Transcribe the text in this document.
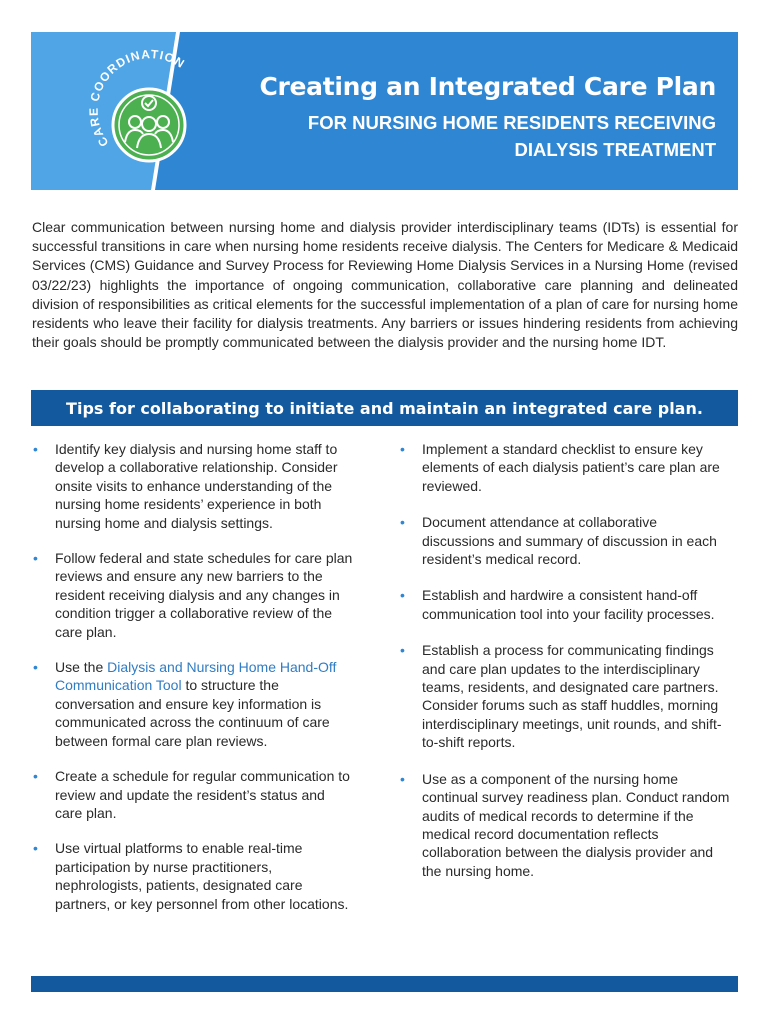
CARE COORDINATION
Creating an Integrated Care Plan
FOR NURSING HOME RESIDENTS RECEIVING
DIALYSIS TREATMENT

Clear communication between nursing home and dialysis provider interdisciplinary teams (IDTs) is essential for successful transitions in care when nursing home residents receive dialysis. The Centers for Medicare & Medicaid Services (CMS) Guidance and Survey Process for Reviewing Home Dialysis Services in a Nursing Home (revised 03/22/23) highlights the importance of ongoing communication, collaborative care planning and delineated division of responsibilities as critical elements for the successful implementation of a plan of care for nursing home residents who leave their facility for dialysis treatments. Any barriers or issues hindering residents from achieving their goals should be promptly communicated between the dialysis provider and the nursing home IDT.

Tips for collaborating to initiate and maintain an integrated care plan.
• Identify key dialysis and nursing home staff to develop a collaborative relationship. Consider onsite visits to enhance understanding of the nursing home residents’ experience in both nursing home and dialysis settings.
• Follow federal and state schedules for care plan reviews and ensure any new barriers to the resident receiving dialysis and any changes in condition trigger a collaborative review of the care plan.
• Use the Dialysis and Nursing Home Hand-Off Communication Tool to structure the conversation and ensure key information is communicated across the continuum of care between formal care plan reviews.
• Create a schedule for regular communication to review and update the resident’s status and care plan.
• Use virtual platforms to enable real-time participation by nurse practitioners, nephrologists, patients, designated care partners, or key personnel from other locations.
• Implement a standard checklist to ensure key elements of each dialysis patient’s care plan are reviewed.
• Document attendance at collaborative discussions and summary of discussion in each resident’s medical record.
• Establish and hardwire a consistent hand-off communication tool into your facility processes.
• Establish a process for communicating findings and care plan updates to the interdisciplinary teams, residents, and designated care partners. Consider forums such as staff huddles, morning interdisciplinary meetings, unit rounds, and shift-to-shift reports.
• Use as a component of the nursing home continual survey readiness plan. Conduct random audits of medical records to determine if the medical record documentation reflects collaboration between the dialysis provider and the nursing home.
